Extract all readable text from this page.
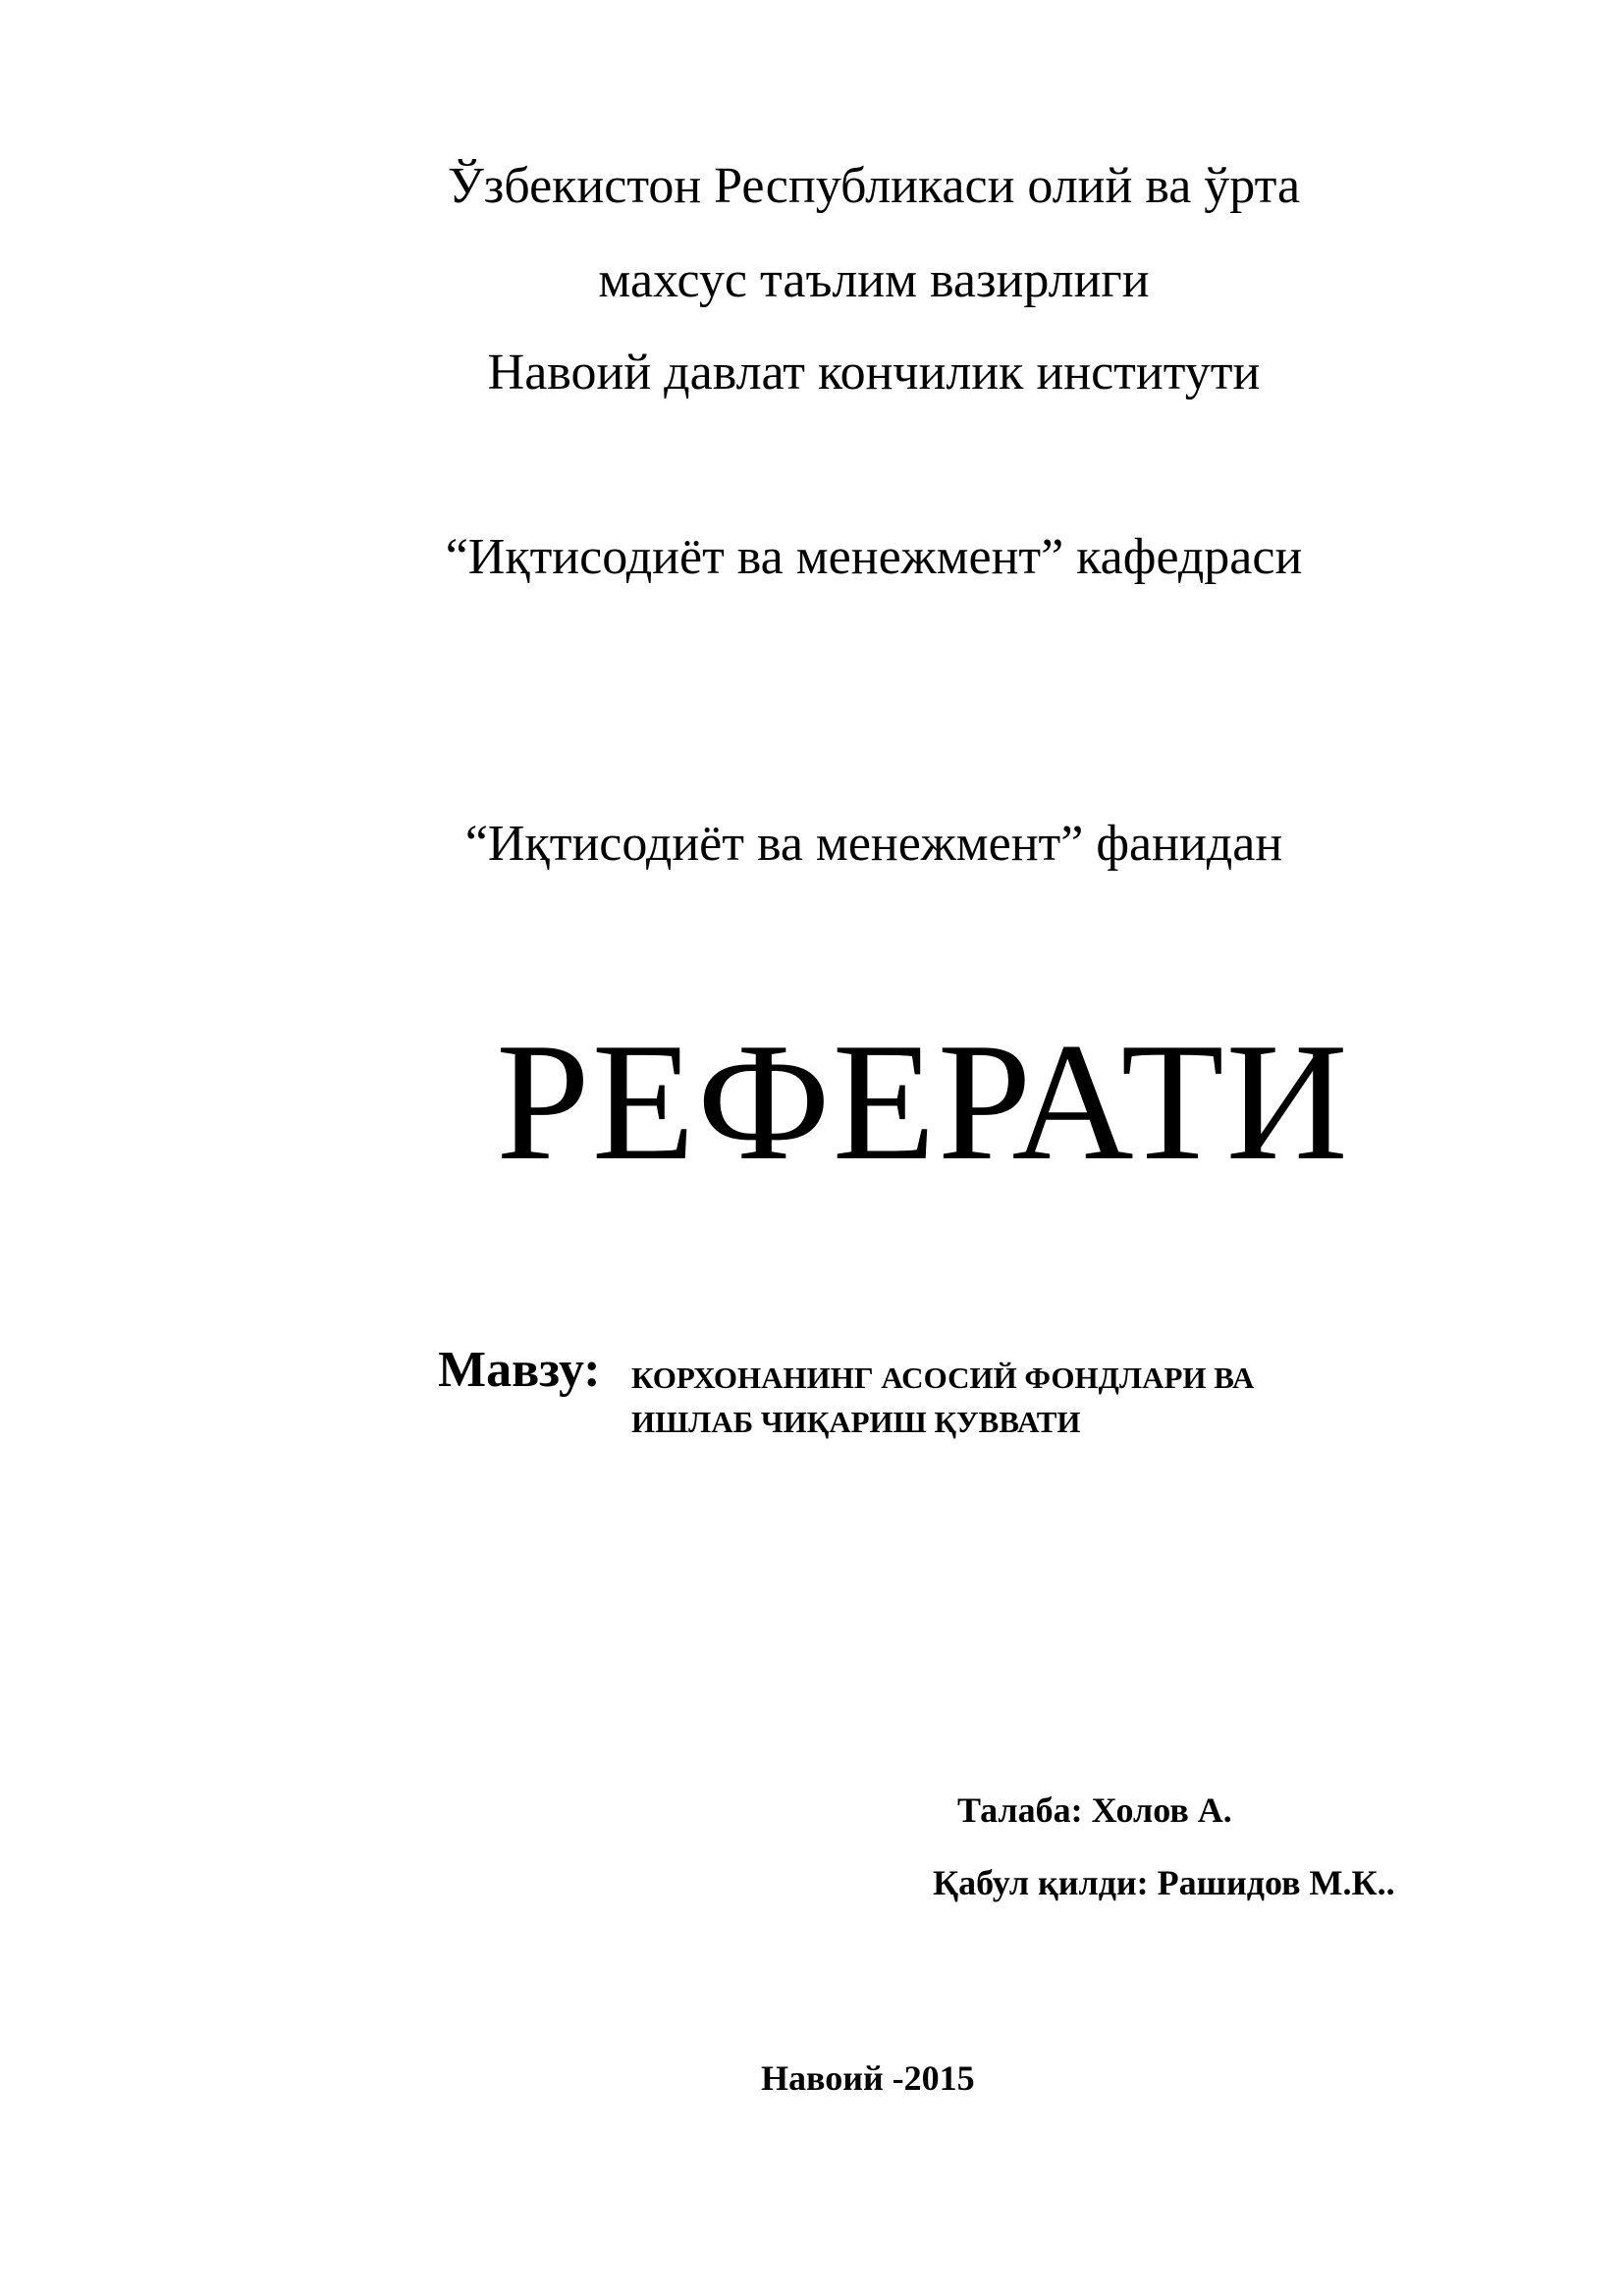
Ўзбекистон Республикаси олий ва ўрта
махсус таълим вазирлиги
Навоий давлат кончилик институти
“Иқтисодиёт ва менежмент” кафедраси
“Иқтисодиёт ва менежмент” фанидан
РЕФЕРАТИ
Мавзу: КОРХОНАНИНГ АСОСИЙ ФОНДЛАРИ ВА
ИШЛАБ ЧИҚАРИШ ҚУВВАТИ
Талаба: Холов А.
Қабул қилди: Рашидов М.К..
Навоий -2015
